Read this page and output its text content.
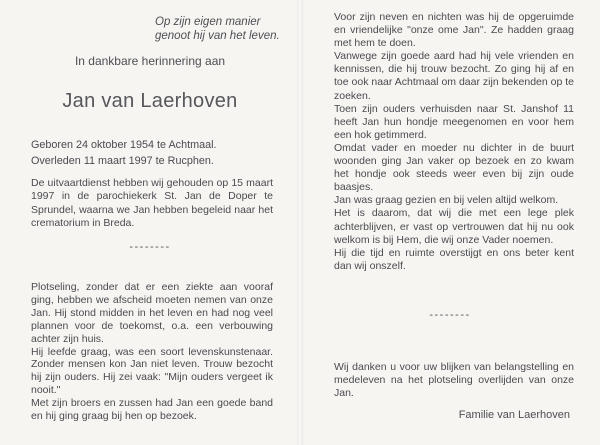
Op zijn eigen manier
genoot hij van het leven.
In dankbare herinnering aan
Jan van Laerhoven
Geboren 24 oktober 1954 te Achtmaal.
Overleden 11 maart 1997 te Rucphen.

De uitvaartdienst hebben wij gehouden op 15 maart 1997 in de parochiekerk St. Jan de Doper te Sprundel, waarna we Jan hebben begeleid naar het crematorium in Breda.

--------

Plotseling, zonder dat er een ziekte aan vooraf ging, hebben we afscheid moeten nemen van onze Jan. Hij stond midden in het leven en had nog veel plannen voor de toekomst, o.a. een verbouwing achter zijn huis.

Hij leefde graag, was een soort levenskunstenaar. Zonder mensen kon Jan niet leven. Trouw bezocht hij zijn ouders. Hij zei vaak: "Mijn ouders vergeet ik nooit."

Met zijn broers en zussen had Jan een goede band en hij ging graag bij hen op bezoek.

Voor zijn neven en nichten was hij de opgeruimde en vriendelijke "onze ome Jan". Ze hadden graag met hem te doen.

Vanwege zijn goede aard had hij vele vrienden en kennissen, die hij trouw bezocht. Zo ging hij af en toe ook naar Achtmaal om daar zijn bekenden op te zoeken.

Toen zijn ouders verhuisden naar St. Janshof 11 heeft Jan hun hondje meegenomen en voor hem een hok getimmerd.

Omdat vader en moeder nu dichter in de buurt woonden ging Jan vaker op bezoek en zo kwam het hondje ook steeds weer even bij zijn oude baasjes.

Jan was graag gezien en bij velen altijd welkom.

Het is daarom, dat wij die met een lege plek achterblijven, er vast op vertrouwen dat hij nu ook welkom is bij Hem, die wij onze Vader noemen.

Hij die tijd en ruimte overstijgt en ons beter kent dan wij onszelf.

--------

Wij danken u voor uw blijken van belangstelling en medeleven na het plotseling overlijden van onze Jan.

Familie van Laerhoven
